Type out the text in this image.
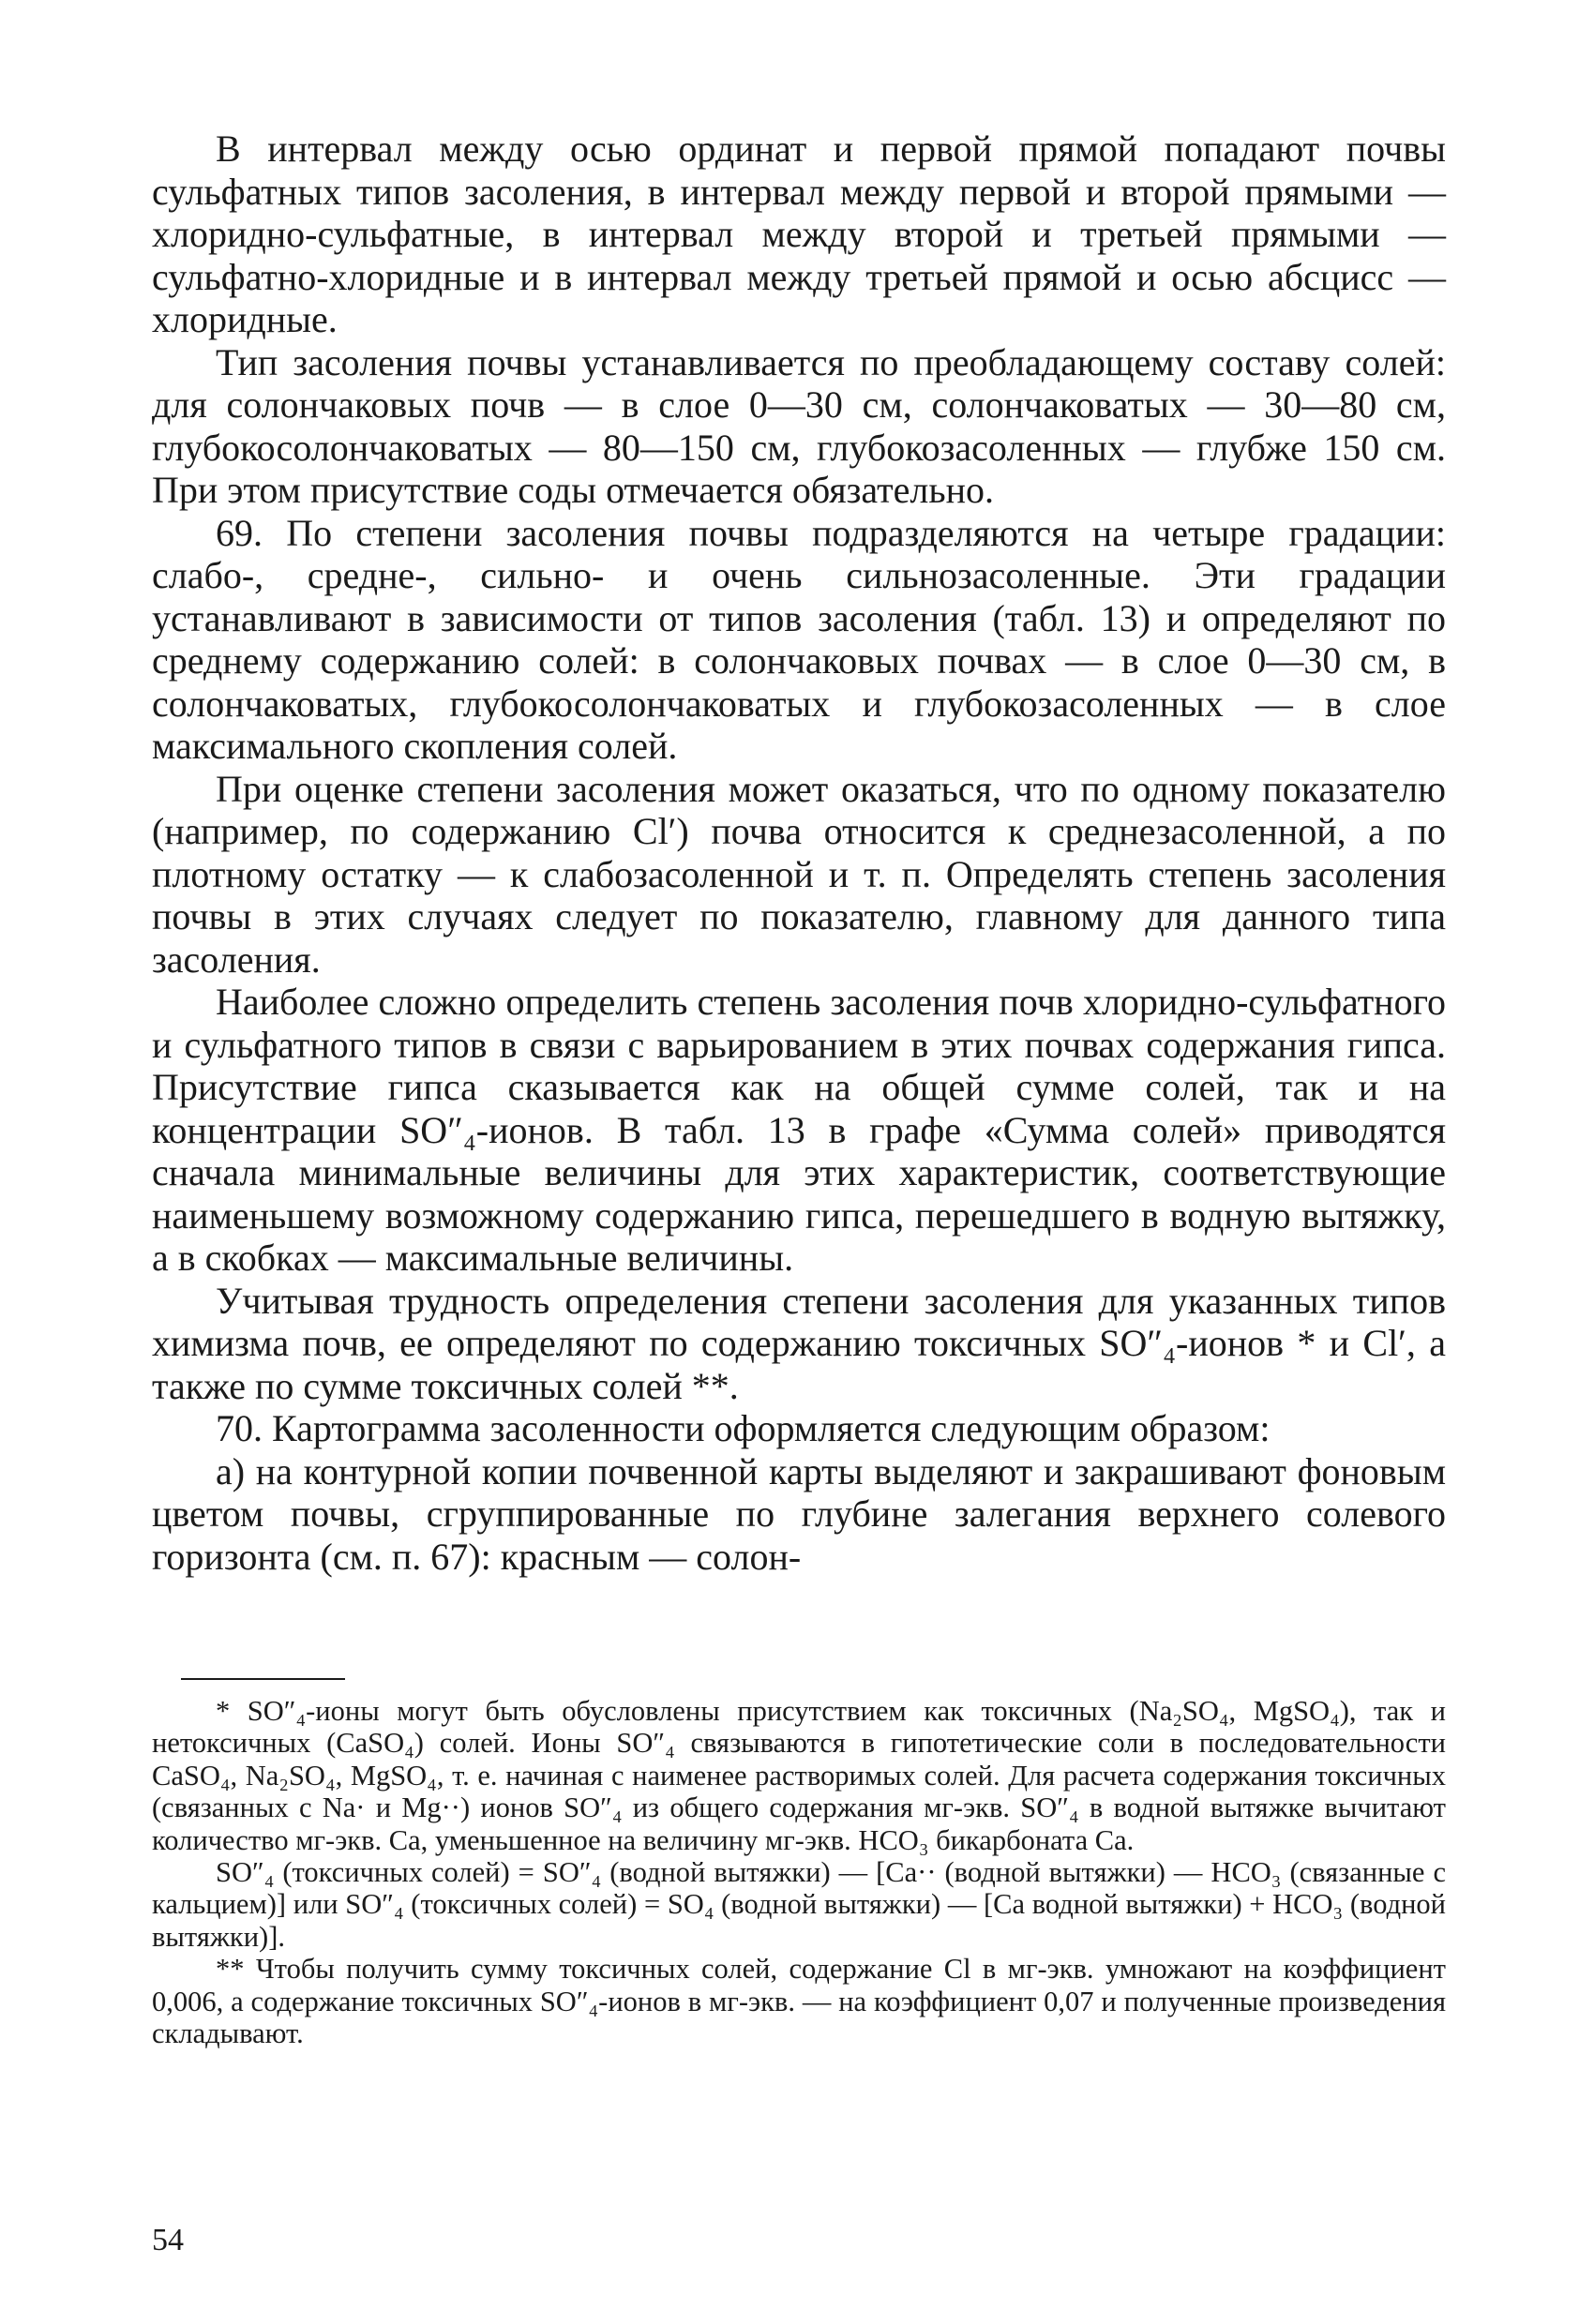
В интервал между осью ординат и первой прямой попадают почвы сульфатных типов засоления, в интервал между первой и второй прямыми — хлоридно-сульфатные, в интервал между второй и третьей прямыми — сульфатно-хлоридные и в интервал между третьей прямой и осью абсцисс — хлоридные.

Тип засоления почвы устанавливается по преобладающему составу солей: для солончаковых почв — в слое 0—30 см, солончаковатых — 30—80 см, глубокосолончаковатых — 80—150 см, глубокозасоленных — глубже 150 см. При этом присутствие соды отмечается обязательно.

69. По степени засоления почвы подразделяются на четыре градации: слабо-, средне-, сильно- и очень сильнозасоленные. Эти градации устанавливают в зависимости от типов засоления (табл. 13) и определяют по среднему содержанию солей: в солончаковых почвах — в слое 0—30 см, в солончаковатых, глубокосолончаковатых и глубокозасоленных — в слое максимального скопления солей.

При оценке степени засоления может оказаться, что по одному показателю (например, по содержанию Cl′) почва относится к среднезасоленной, а по плотному остатку — к слабозасоленной и т. п. Определять степень засоления почвы в этих случаях следует по показателю, главному для данного типа засоления.

Наиболее сложно определить степень засоления почв хлоридно-сульфатного и сульфатного типов в связи с варьированием в этих почвах содержания гипса. Присутствие гипса сказывается как на общей сумме солей, так и на концентрации SO″₄-ионов. В табл. 13 в графе «Сумма солей» приводятся сначала минимальные величины для этих характеристик, соответствующие наименьшему возможному содержанию гипса, перешедшего в водную вытяжку, а в скобках — максимальные величины.

Учитывая трудность определения степени засоления для указанных типов химизма почв, ее определяют по содержанию токсичных SO″₄-ионов * и Cl′, а также по сумме токсичных солей **.

70. Картограмма засоленности оформляется следующим образом:

а) на контурной копии почвенной карты выделяют и закрашивают фоновым цветом почвы, сгруппированные по глубине залегания верхнего солевого горизонта (см. п. 67): красным — солон-

* SO″₄-ионы могут быть обусловлены присутствием как токсичных (Na₂SO₄, MgSO₄), так и нетоксичных (CaSO₄) солей. Ионы SO″₄ связываются в гипотетические соли в последовательности CaSO₄, Na₂SO₄, MgSO₄, т. е. начиная с наименее растворимых солей. Для расчета содержания токсичных (связанных с Na· и Mg··) ионов SO″₄ из общего содержания мг-экв. SO″₄ в водной вытяжке вычитают количество мг-экв. Ca, уменьшенное на величину мг-экв. HCO₃ бикарбоната Ca.

SO″₄ (токсичных солей) = SO″₄ (водной вытяжки) — [Ca·· (водной вытяжки) — HCO₃ (связанные с кальцием)] или SO″₄ (токсичных солей) = SO₄ (водной вытяжки) — [Ca водной вытяжки) + HCO₃ (водной вытяжки)].

** Чтобы получить сумму токсичных солей, содержание Cl в мг-экв. умножают на коэффициент 0,006, а содержание токсичных SO″₄-ионов в мг-экв. — на коэффициент 0,07 и полученные произведения складывают.

54
